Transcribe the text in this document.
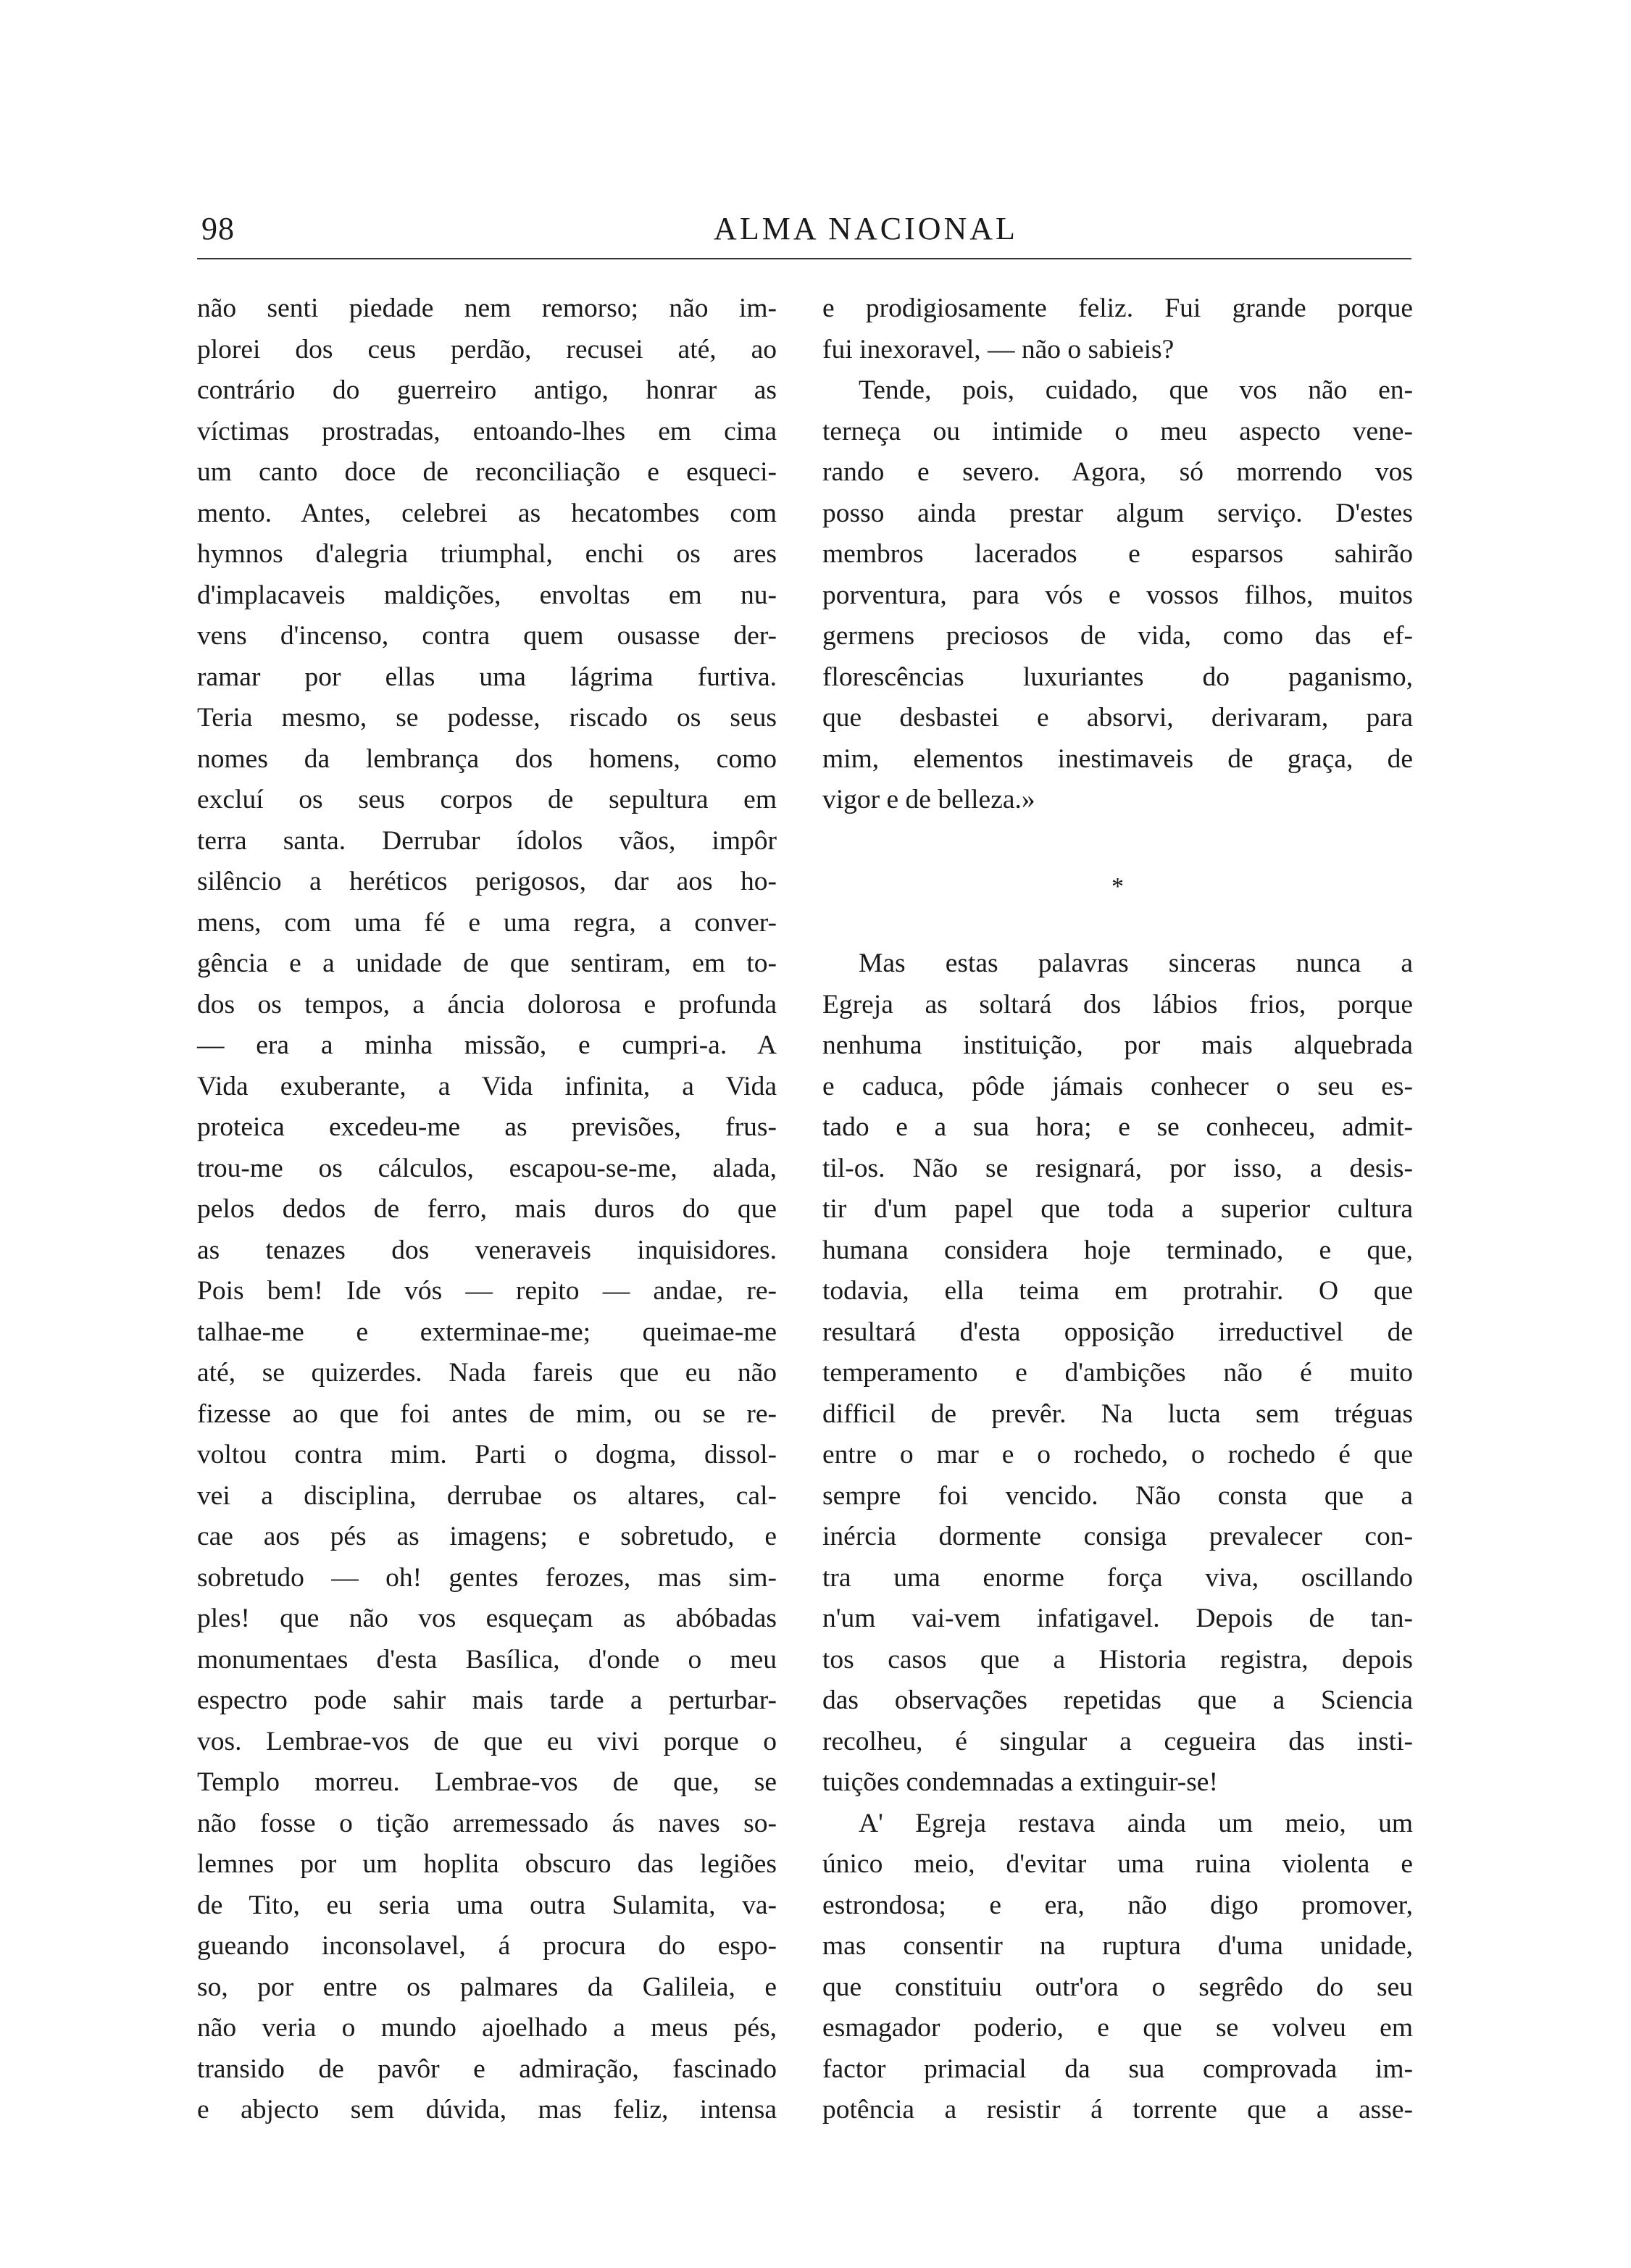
98	ALMA NACIONAL
não senti piedade nem remorso; não im-
plorei dos ceus perdão, recusei até, ao
contrário do guerreiro antigo, honrar as
víctimas prostradas, entoando-lhes em cima
um canto doce de reconciliação e esqueci-
mento. Antes, celebrei as hecatombes com
hymnos d'alegria triumphal, enchi os ares
d'implacaveis maldições, envoltas em nu-
vens d'incenso, contra quem ousasse der-
ramar por ellas uma lágrima furtiva.
Teria mesmo, se podesse, riscado os seus
nomes da lembrança dos homens, como
excluí os seus corpos de sepultura em
terra santa. Derrubar ídolos vãos, impôr
silêncio a heréticos perigosos, dar aos ho-
mens, com uma fé e uma regra, a conver-
gência e a unidade de que sentiram, em to-
dos os tempos, a áncia dolorosa e profunda
— era a minha missão, e cumpri-a. A
Vida exuberante, a Vida infinita, a Vida
proteica excedeu-me as previsões, frus-
trou-me os cálculos, escapou-se-me, alada,
pelos dedos de ferro, mais duros do que
as tenazes dos veneraveis inquisidores.
Pois bem! Ide vós — repito — andae, re-
talhae-me e exterminae-me; queimae-me
até, se quizerdes. Nada fareis que eu não
fizesse ao que foi antes de mim, ou se re-
voltou contra mim. Parti o dogma, dissol-
vei a disciplina, derrubae os altares, cal-
cae aos pés as imagens; e sobretudo, e
sobretudo — oh! gentes ferozes, mas sim-
ples! que não vos esqueçam as abóbadas
monumentaes d'esta Basílica, d'onde o meu
espectro pode sahir mais tarde a perturbar-
vos. Lembrae-vos de que eu vivi porque o
Templo morreu. Lembrae-vos de que, se
não fosse o tição arremessado ás naves so-
lemnes por um hoplita obscuro das legiões
de Tito, eu seria uma outra Sulamita, va-
gueando inconsolavel, á procura do espo-
so, por entre os palmares da Galileia, e
não veria o mundo ajoelhado a meus pés,
transido de pavôr e admiração, fascinado
e abjecto sem dúvida, mas feliz, intensa
e prodigiosamente feliz. Fui grande porque
fui inexoravel, — não o sabieis?
Tende, pois, cuidado, que vos não en-
terneça ou intimide o meu aspecto vene-
rando e severo. Agora, só morrendo vos
posso ainda prestar algum serviço. D'estes
membros lacerados e esparsos sahirão
porventura, para vós e vossos filhos, muitos
germens preciosos de vida, como das ef-
florescências luxuriantes do paganismo,
que desbastei e absorvi, derivaram, para
mim, elementos inestimaveis de graça, de
vigor e de belleza.»
*
Mas estas palavras sinceras nunca a
Egreja as soltará dos lábios frios, porque
nenhuma instituição, por mais alquebrada
e caduca, pôde jámais conhecer o seu es-
tado e a sua hora; e se conheceu, admit-
til-os. Não se resignará, por isso, a desis-
tir d'um papel que toda a superior cultura
humana considera hoje terminado, e que,
todavia, ella teima em protrahir. O que
resultará d'esta opposição irreductivel de
temperamento e d'ambições não é muito
difficil de prevêr. Na lucta sem tréguas
entre o mar e o rochedo, o rochedo é que
sempre foi vencido. Não consta que a
inércia dormente consiga prevalecer con-
tra uma enorme força viva, oscillando
n'um vai-vem infatigavel. Depois de tan-
tos casos que a Historia registra, depois
das observações repetidas que a Sciencia
recolheu, é singular a cegueira das insti-
tuições condemnadas a extinguir-se!
A' Egreja restava ainda um meio, um
único meio, d'evitar uma ruina violenta e
estrondosa; e era, não digo promover,
mas consentir na ruptura d'uma unidade,
que constituiu outr'ora o segrêdo do seu
esmagador poderio, e que se volveu em
factor primacial da sua comprovada im-
potência a resistir á torrente que a asse-
